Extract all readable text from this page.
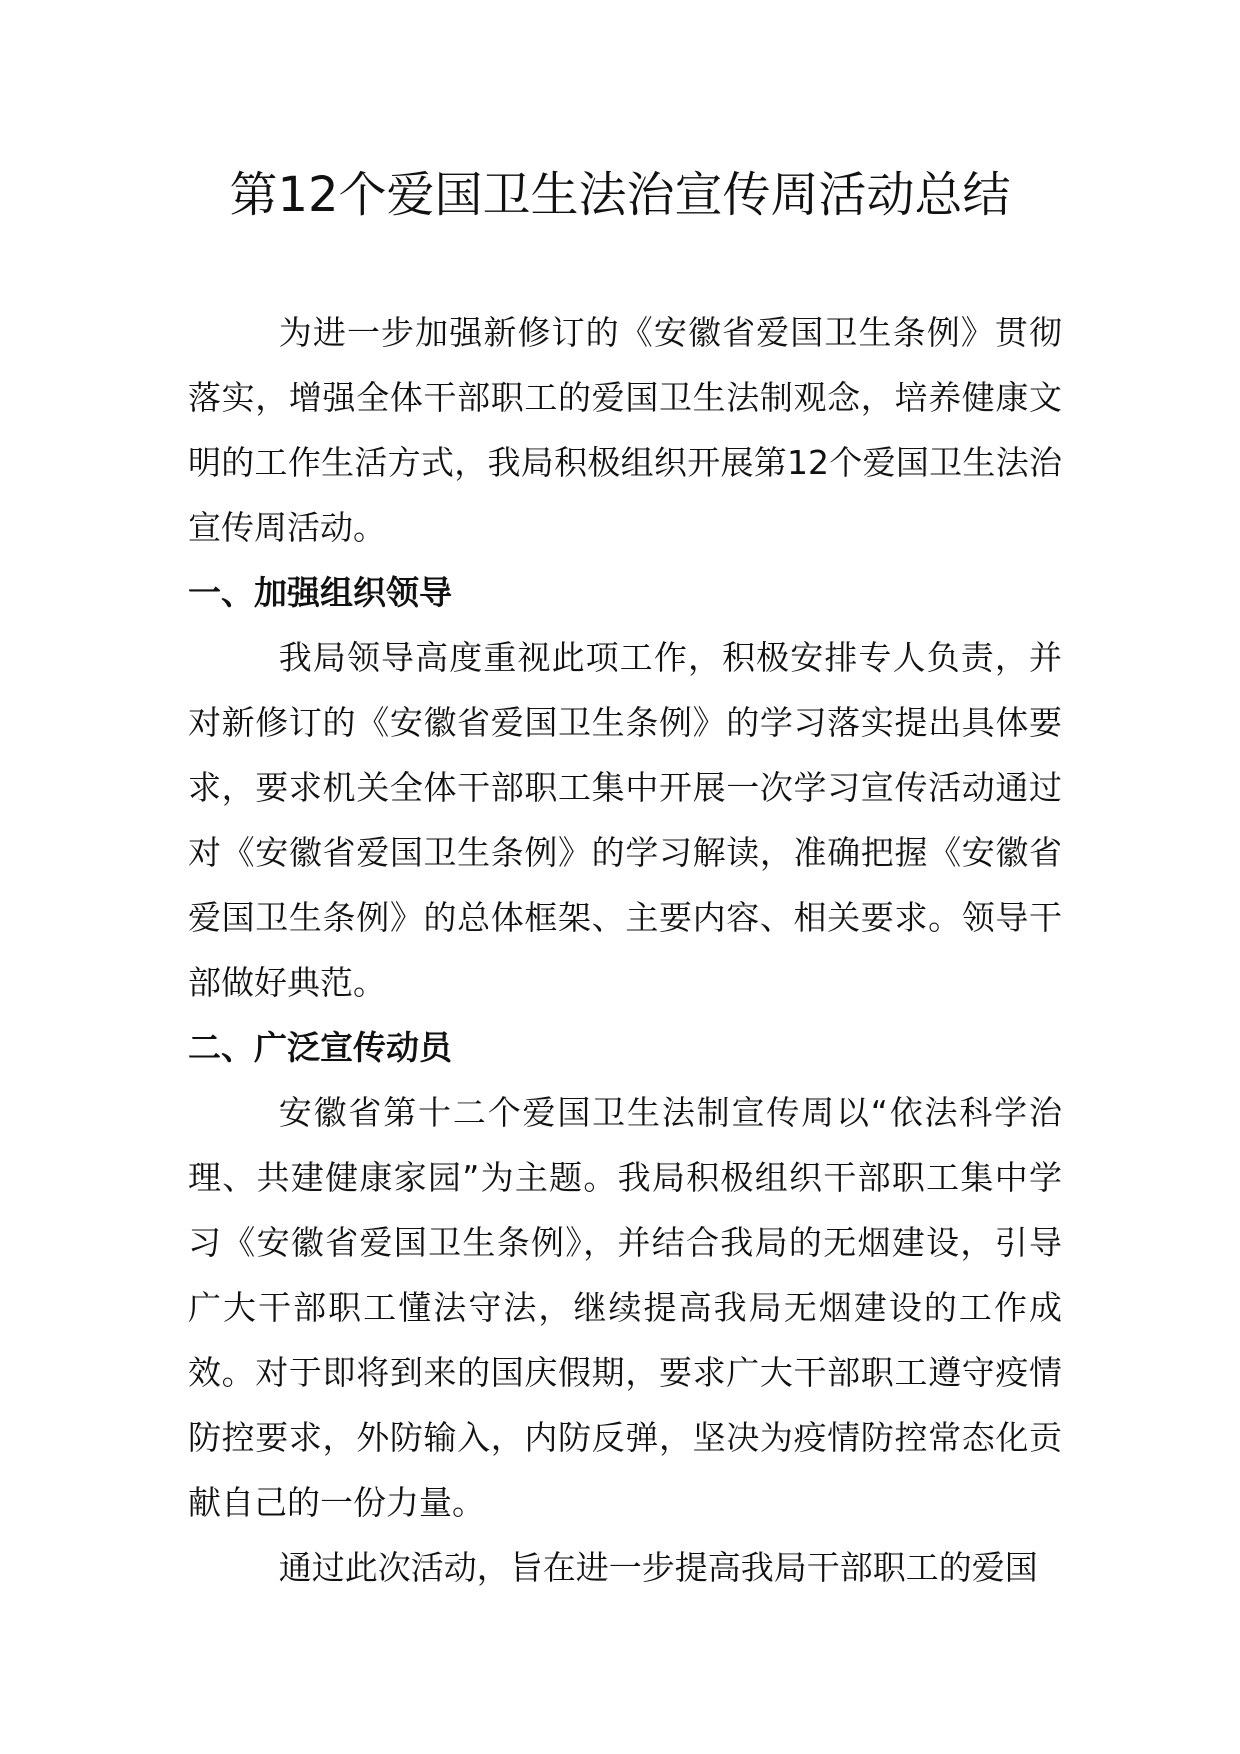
第12个爱国卫生法治宣传周活动总结

为进一步加强新修订的《安徽省爱国卫生条例》贯彻落实，增强全体干部职工的爱国卫生法制观念，培养健康文明的工作生活方式，我局积极组织开展第12个爱国卫生法治宣传周活动。

一、加强组织领导

我局领导高度重视此项工作，积极安排专人负责，并对新修订的《安徽省爱国卫生条例》的学习落实提出具体要求，要求机关全体干部职工集中开展一次学习宣传活动通过对《安徽省爱国卫生条例》的学习解读，准确把握《安徽省爱国卫生条例》的总体框架、主要内容、相关要求。领导干部做好典范。

二、广泛宣传动员

安徽省第十二个爱国卫生法制宣传周以“依法科学治理、共建健康家园”为主题。我局积极组织干部职工集中学习《安徽省爱国卫生条例》，并结合我局的无烟建设，引导广大干部职工懂法守法，继续提高我局无烟建设的工作成效。对于即将到来的国庆假期，要求广大干部职工遵守疫情防控要求，外防输入，内防反弹，坚决为疫情防控常态化贡献自己的一份力量。

通过此次活动，旨在进一步提高我局干部职工的爱国
